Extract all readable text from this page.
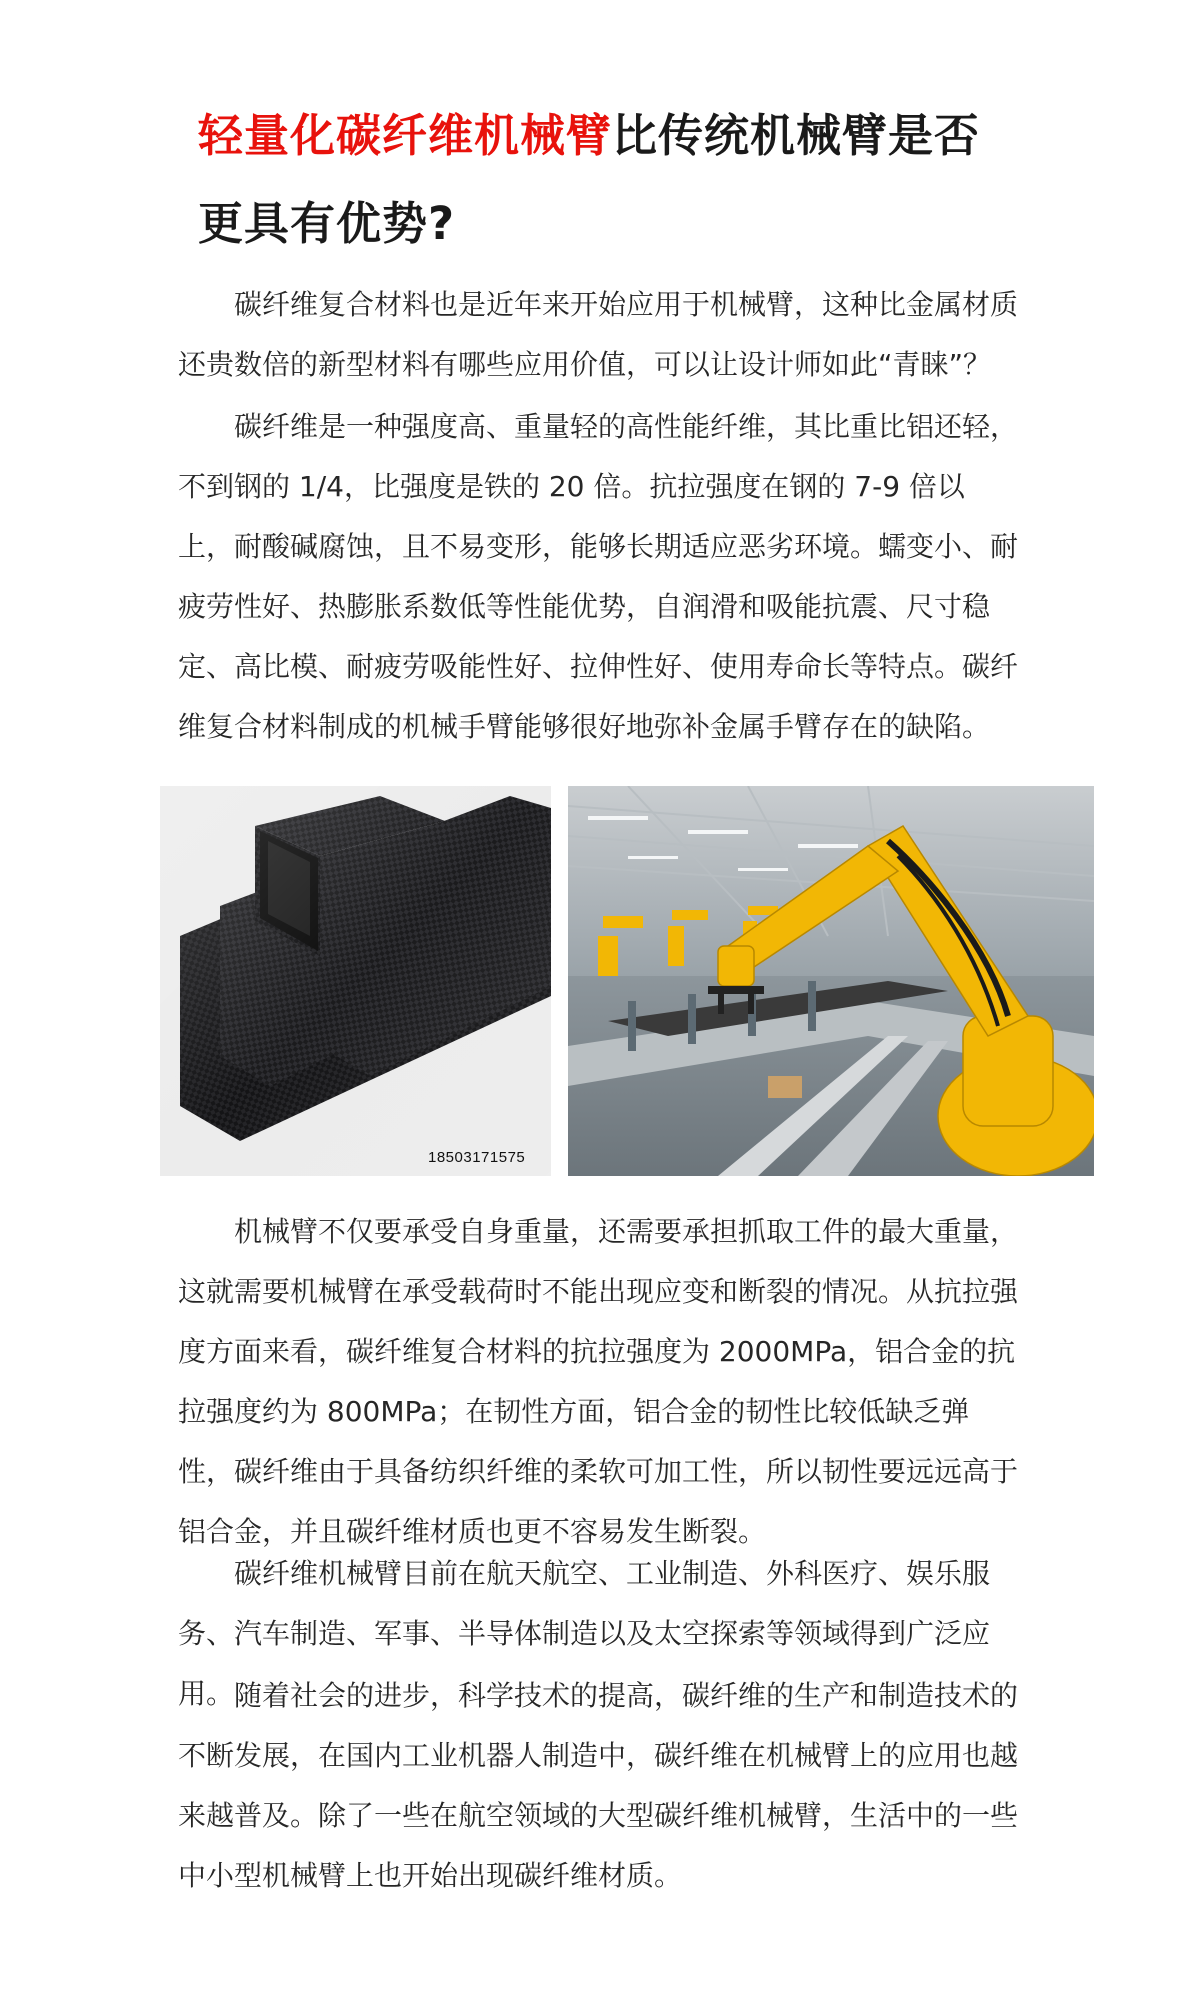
轻量化碳纤维机械臂比传统机械臂是否更具有优势?

碳纤维复合材料也是近年来开始应用于机械臂，这种比金属材质还贵数倍的新型材料有哪些应用价值，可以让设计师如此“青睐”？

碳纤维是一种强度高、重量轻的高性能纤维，其比重比铝还轻，不到钢的 1/4，比强度是铁的 20 倍。抗拉强度在钢的 7-9 倍以上，耐酸碱腐蚀，且不易变形，能够长期适应恶劣环境。蠕变小、耐疲劳性好、热膨胀系数低等性能优势，自润滑和吸能抗震、尺寸稳定、高比模、耐疲劳吸能性好、拉伸性好、使用寿命长等特点。碳纤维复合材料制成的机械手臂能够很好地弥补金属手臂存在的缺陷。

18503171575

机械臂不仅要承受自身重量，还需要承担抓取工件的最大重量，这就需要机械臂在承受载荷时不能出现应变和断裂的情况。从抗拉强度方面来看，碳纤维复合材料的抗拉强度为 2000MPa，铝合金的抗拉强度约为 800MPa；在韧性方面，铝合金的韧性比较低缺乏弹性，碳纤维由于具备纺织纤维的柔软可加工性，所以韧性要远远高于铝合金，并且碳纤维材质也更不容易发生断裂。

碳纤维机械臂目前在航天航空、工业制造、外科医疗、娱乐服务、汽车制造、军事、半导体制造以及太空探索等领域得到广泛应用。 随着社会的进步，科学技术的提高，碳纤维的生产和制造技术的不断发展，在国内工业机器人制造中，碳纤维在机械臂上的应用也越来越普及。除了一些在航空领域的大型碳纤维机械臂，生活中的一些中小型机械臂上也开始出现碳纤维材质。
